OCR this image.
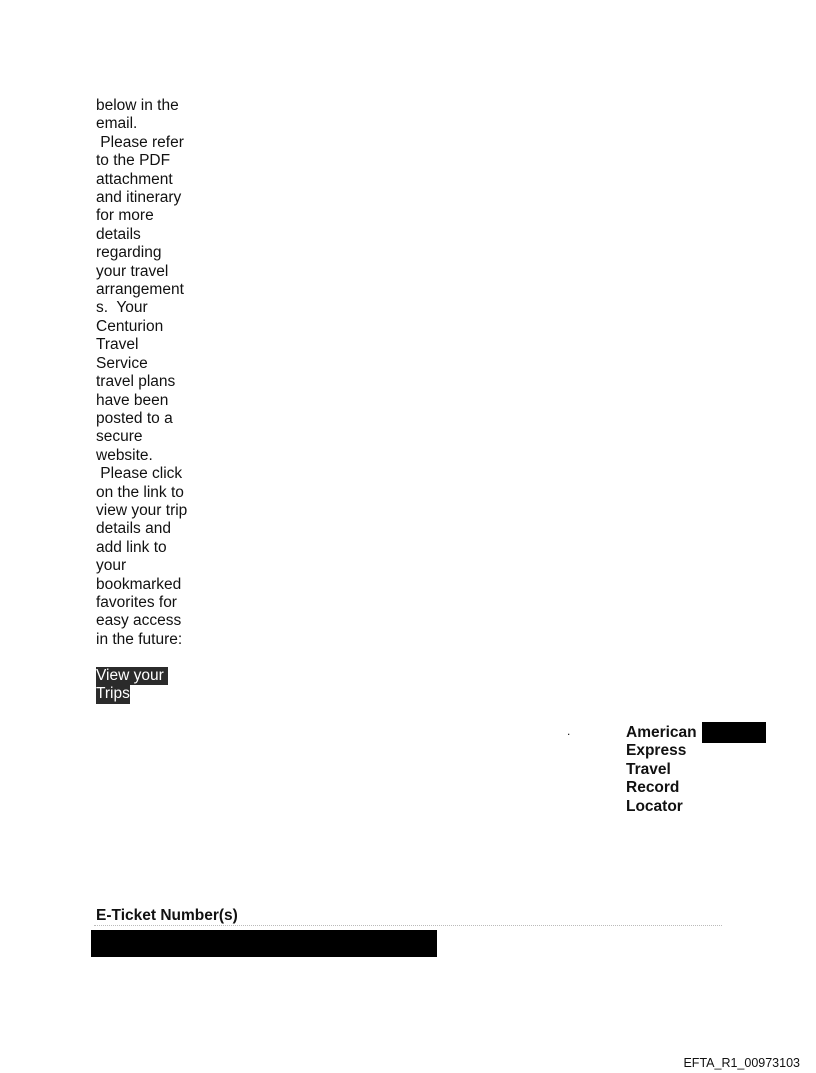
below in the
email.
Please refer
to the PDF
attachment
and itinerary
for more
details
regarding
your travel
arrangement
s.  Your
Centurion
Travel
Service
travel plans
have been
posted to a
secure
website.
Please click
on the link to
view your trip
details and
add link to
your
bookmarked
favorites for
easy access
in the future:
View your
Trips
.	American
Express
Travel
Record
Locator
E-Ticket Number(s)
EFTA_R1_00973103
